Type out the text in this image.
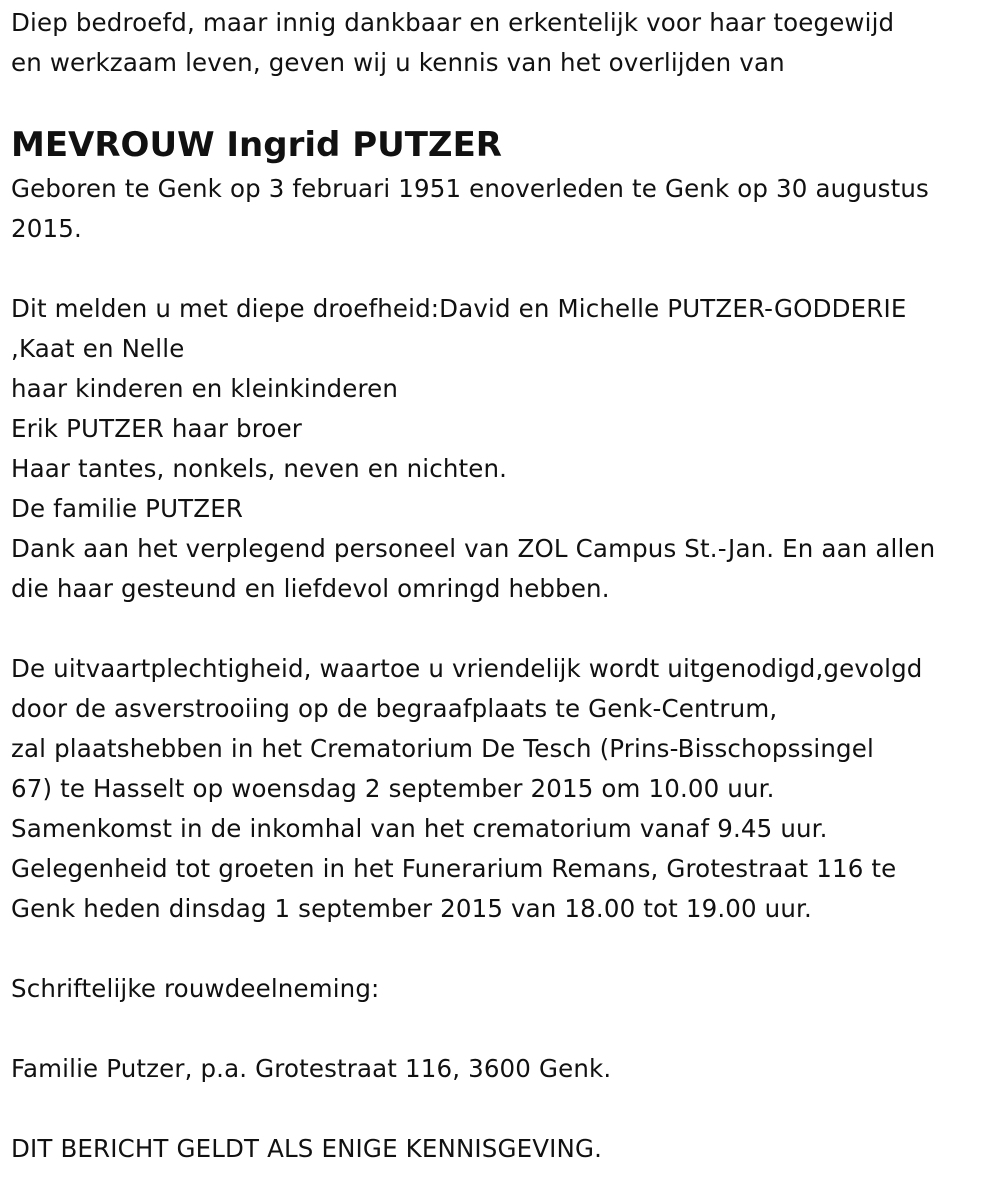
Diep bedroefd, maar innig dankbaar en erkentelijk voor haar toegewijd
en werkzaam leven, geven wij u kennis van het overlijden van
MEVROUW Ingrid PUTZER
Geboren te Genk op 3 februari 1951 enoverleden te Genk op 30 augustus
2015.
Dit melden u met diepe droefheid:David en Michelle PUTZER-GODDERIE
,Kaat en Nelle
haar kinderen en kleinkinderen
Erik PUTZER haar broer
Haar tantes, nonkels, neven en nichten.
De familie PUTZER
Dank aan het verplegend personeel van ZOL Campus St.-Jan. En aan allen
die haar gesteund en liefdevol omringd hebben.
De uitvaartplechtigheid, waartoe u vriendelijk wordt uitgenodigd,gevolgd
door de asverstrooiing op de begraafplaats te Genk-Centrum,
zal plaatshebben in het Crematorium De Tesch (Prins-Bisschopssingel
67) te Hasselt op woensdag 2 september 2015 om 10.00 uur.
Samenkomst in de inkomhal van het crematorium vanaf 9.45 uur.
Gelegenheid tot groeten in het Funerarium Remans, Grotestraat 116 te
Genk heden dinsdag 1 september 2015 van 18.00 tot 19.00 uur.
Schriftelijke rouwdeelneming:
Familie Putzer, p.a. Grotestraat 116, 3600 Genk.
DIT BERICHT GELDT ALS ENIGE KENNISGEVING.
